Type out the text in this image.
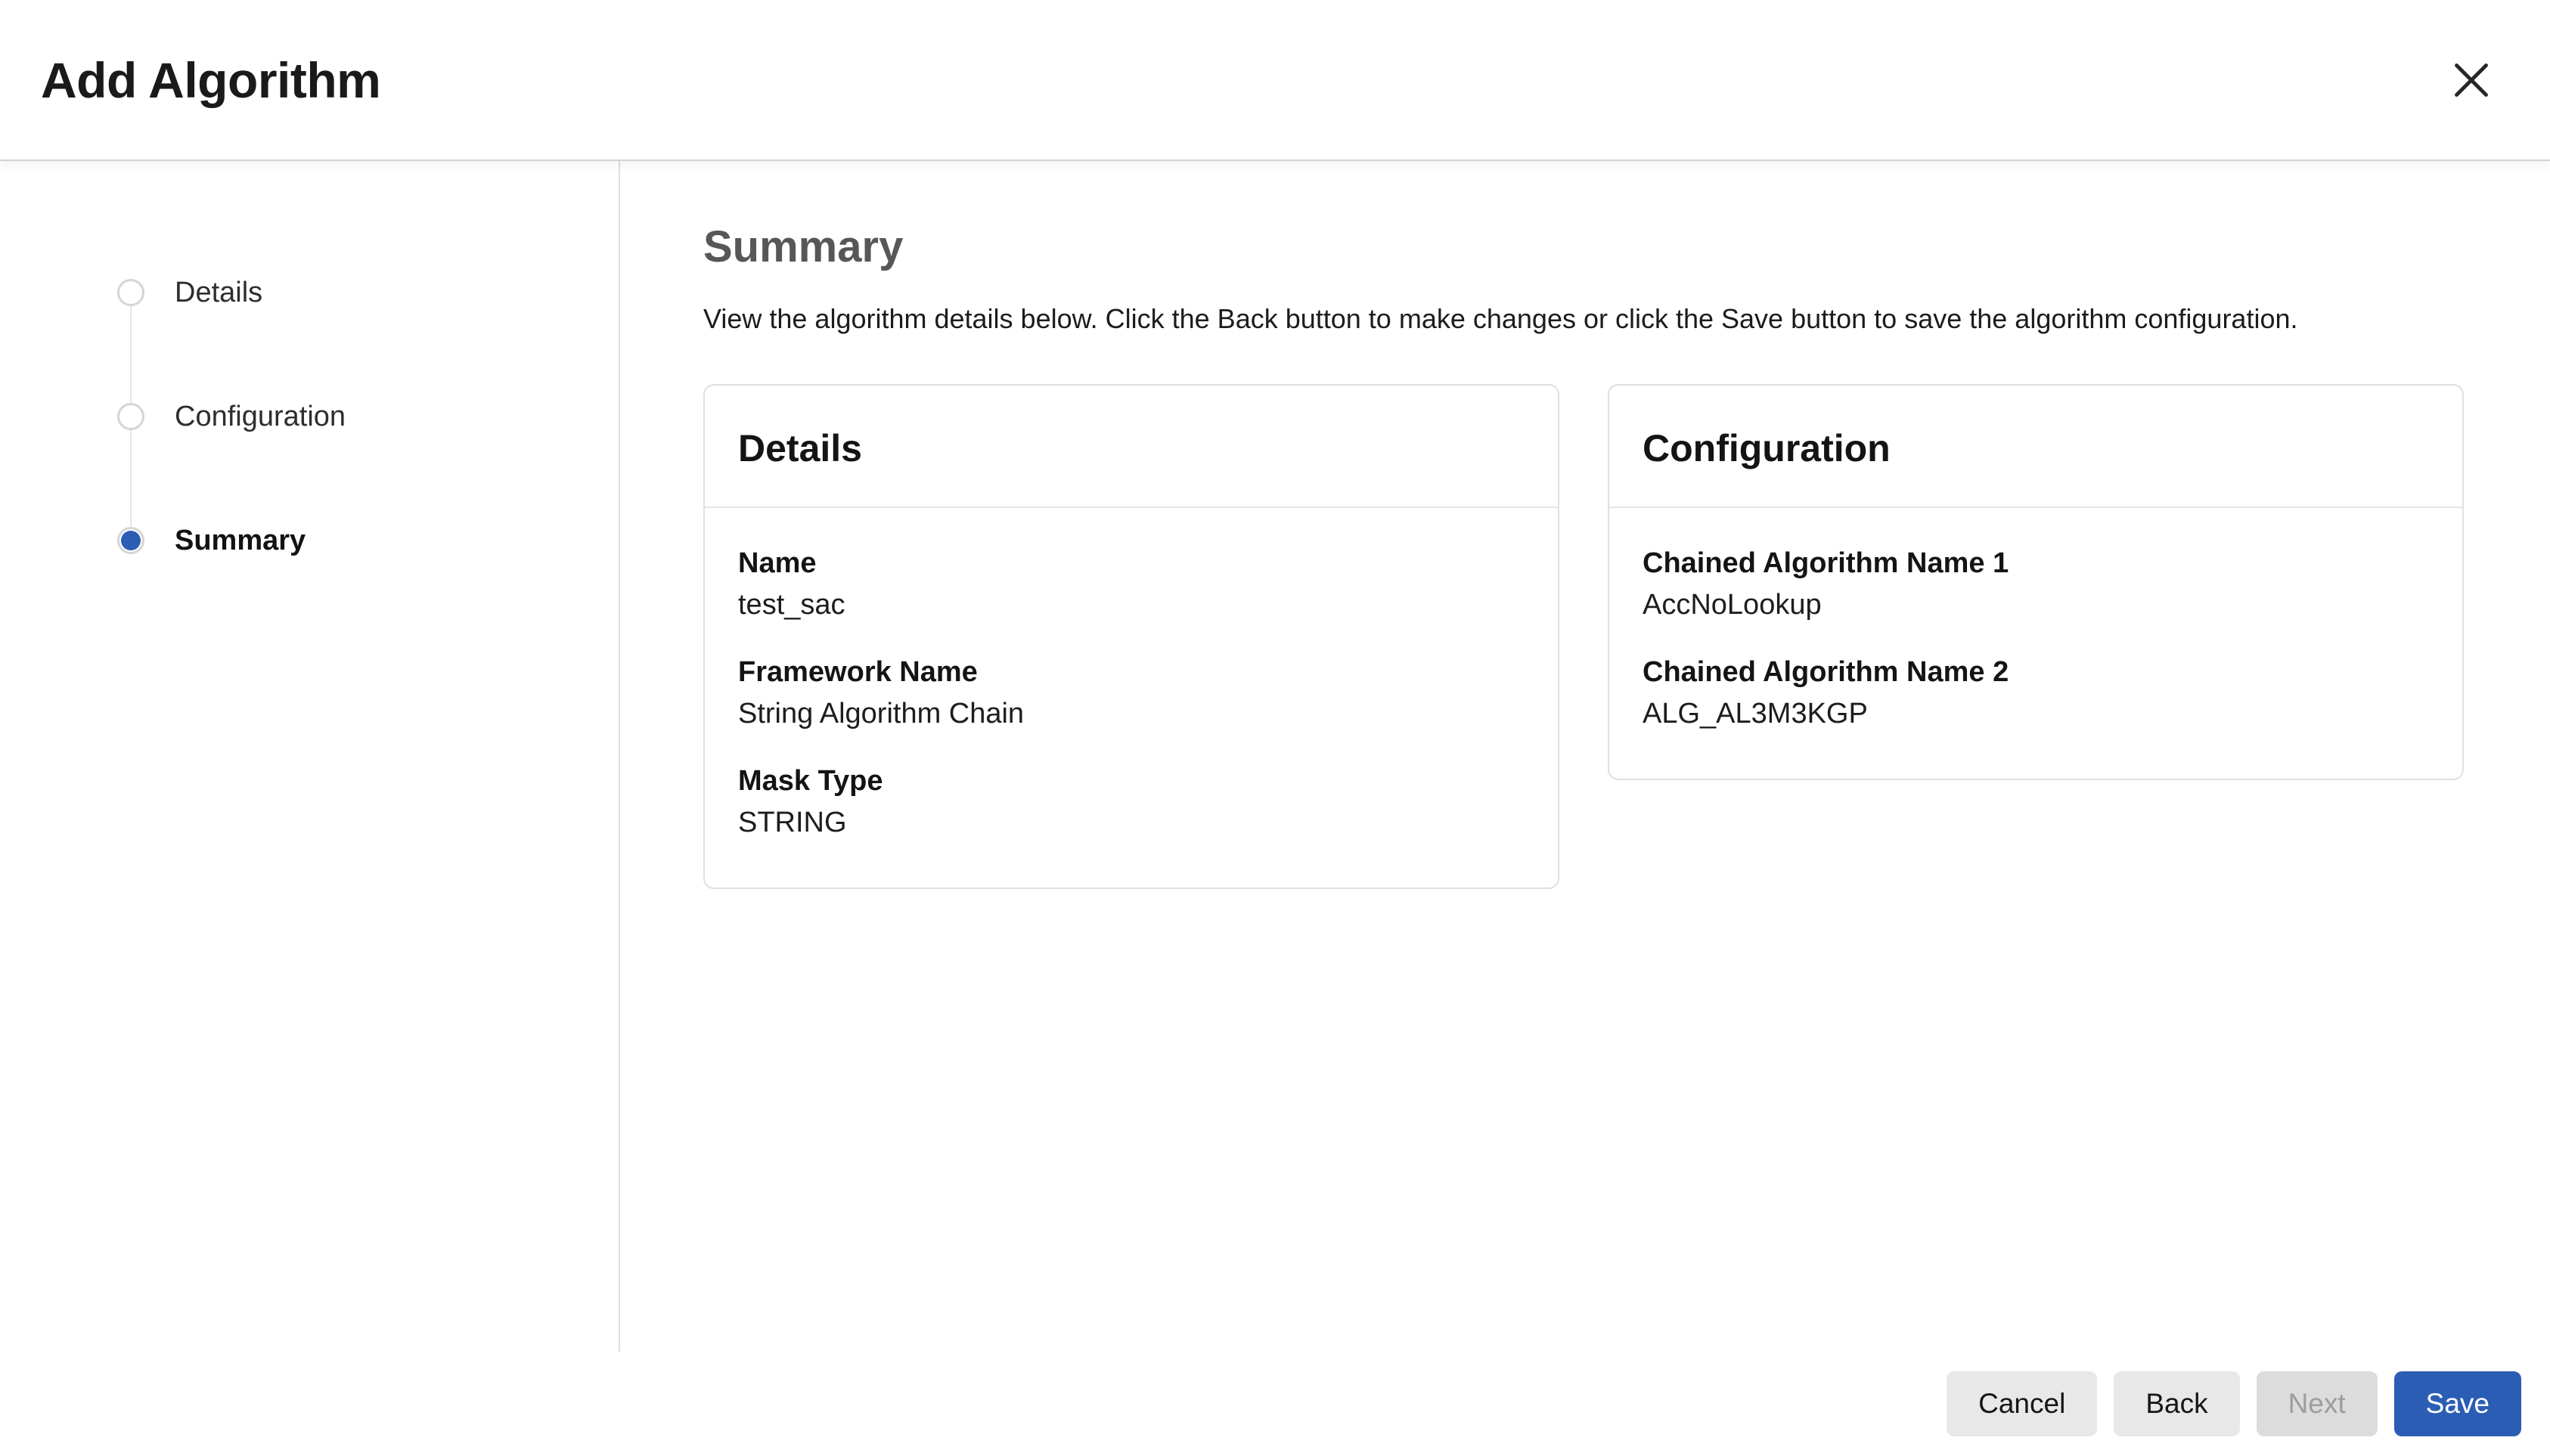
Add Algorithm
Details
Configuration
Summary
Summary

View the algorithm details below. Click the Back button to make changes or click the Save button to save the algorithm configuration.

Details
Name
test_sac
Framework Name
String Algorithm Chain
Mask Type
STRING
Configuration
Chained Algorithm Name 1
AccNoLookup
Chained Algorithm Name 2
ALG_AL3M3KGP
Cancel	Back	Next	Save
